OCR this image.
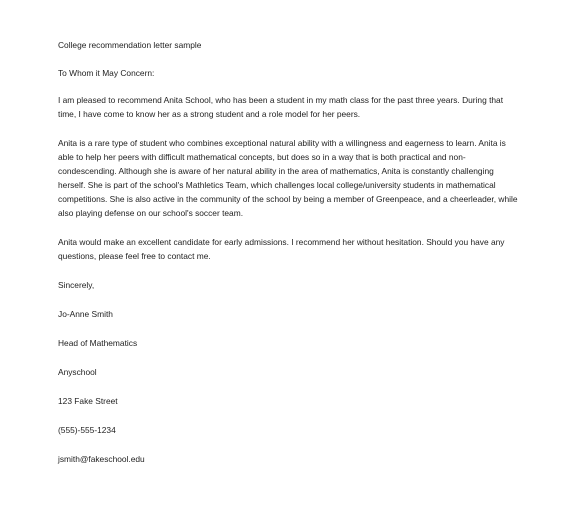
College recommendation letter sample

To Whom it May Concern:

I am pleased to recommend Anita School, who has been a student in my math class for the past three years. During that
time, I have come to know her as a strong student and a role model for her peers.
Anita is a rare type of student who combines exceptional natural ability with a willingness and eagerness to learn. Anita is
able to help her peers with difficult mathematical concepts, but does so in a way that is both practical and non-
condescending. Although she is aware of her natural ability in the area of mathematics, Anita is constantly challenging
herself. She is part of the school's Mathletics Team, which challenges local college/university students in mathematical
competitions. She is also active in the community of the school by being a member of Greenpeace, and a cheerleader, while
also playing defense on our school's soccer team.
Anita would make an excellent candidate for early admissions. I recommend her without hesitation. Should you have any
questions, please feel free to contact me.

Sincerely,

Jo-Anne Smith

Head of Mathematics

Anyschool

123 Fake Street

(555)-555-1234

jsmith@fakeschool.edu
